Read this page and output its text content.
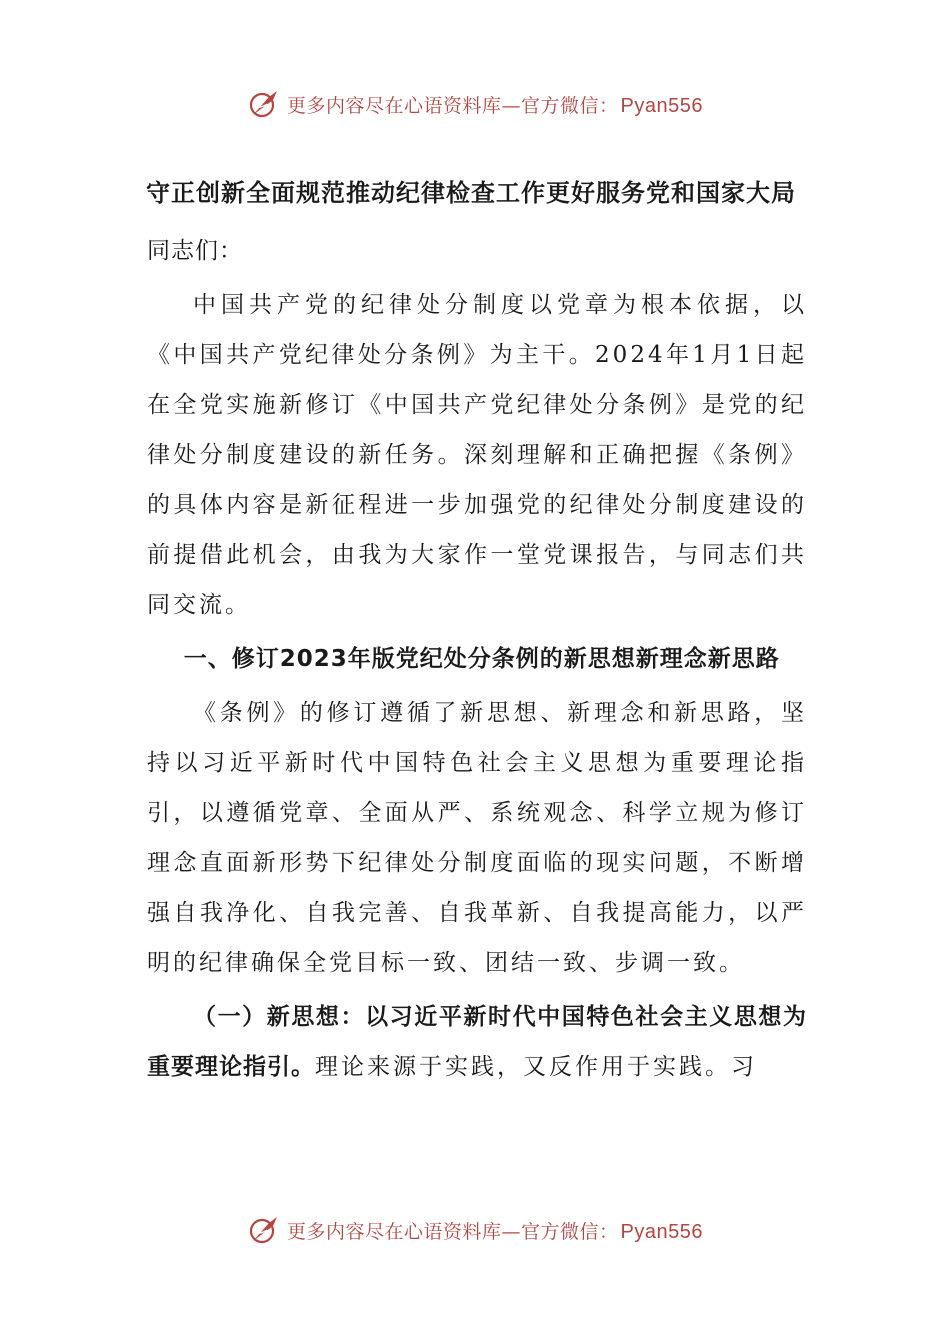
更多内容尽在心语资料库—官方微信： Pyan556
守正创新全面规范推动纪律检查工作更好服务党和国家大局

同志们：

中国共产党的纪律处分制度以党章为根本依据，以《中国共产党纪律处分条例》为主干。2024年1月1日起在全党实施新修订《中国共产党纪律处分条例》是党的纪律处分制度建设的新任务。深刻理解和正确把握《条例》的具体内容是新征程进一步加强党的纪律处分制度建设的前提借此机会，由我为大家作一堂党课报告，与同志们共同交流。

一、修订2023年版党纪处分条例的新思想新理念新思路

《条例》的修订遵循了新思想、新理念和新思路，坚持以习近平新时代中国特色社会主义思想为重要理论指引，以遵循党章、全面从严、系统观念、科学立规为修订理念直面新形势下纪律处分制度面临的现实问题，不断增强自我净化、自我完善、自我革新、自我提高能力，以严明的纪律确保全党目标一致、团结一致、步调一致。

（一）新思想：以习近平新时代中国特色社会主义思想为重要理论指引。理论来源于实践，又反作用于实践。习

更多内容尽在心语资料库—官方微信： Pyan556
